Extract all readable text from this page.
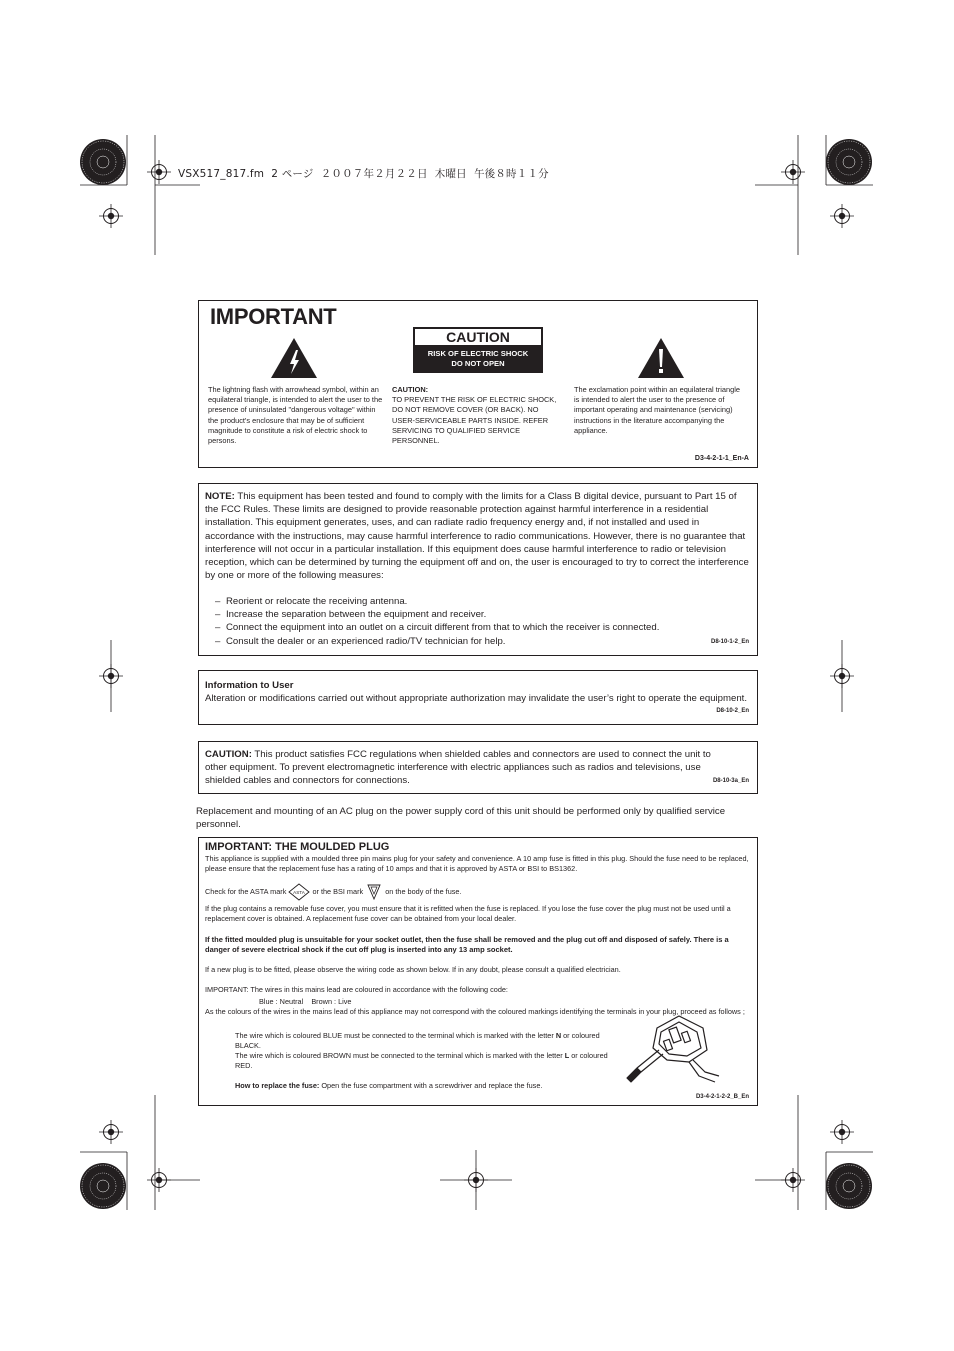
VSX517_817.fm  2 ページ  ２００７年２月２２日  木曜日  午後８時１１分
IMPORTANT
CAUTION
RISK OF ELECTRIC SHOCK
DO NOT OPEN
The lightning flash with arrowhead symbol, within an equilateral triangle, is intended to alert the user to the presence of uninsulated "dangerous voltage" within the product's enclosure that may be of sufficient magnitude to constitute a risk of electric shock to persons.
CAUTION:
TO PREVENT THE RISK OF ELECTRIC SHOCK, DO NOT REMOVE COVER (OR BACK). NO USER-SERVICEABLE PARTS INSIDE. REFER SERVICING TO QUALIFIED SERVICE PERSONNEL.
The exclamation point within an equilateral triangle is intended to alert the user to the presence of important operating and maintenance (servicing) instructions in the literature accompanying the appliance.
D3-4-2-1-1_En-A
NOTE: This equipment has been tested and found to comply with the limits for a Class B digital device, pursuant to Part 15 of the FCC Rules. These limits are designed to provide reasonable protection against harmful interference in a residential installation. This equipment generates, uses, and can radiate radio frequency energy and, if not installed and used in accordance with the instructions, may cause harmful interference to radio communications. However, there is no guarantee that interference will not occur in a particular installation. If this equipment does cause harmful interference to radio or television reception, which can be determined by turning the equipment off and on, the user is encouraged to try to correct the interference by one or more of the following measures:
– Reorient or relocate the receiving antenna.
– Increase the separation between the equipment and receiver.
– Connect the equipment into an outlet on a circuit different from that to which the receiver is connected.
– Consult the dealer or an experienced radio/TV technician for help.	D8-10-1-2_En
Information to User
Alteration or modifications carried out without appropriate authorization may invalidate the user’s right to operate the equipment.
D8-10-2_En
CAUTION: This product satisfies FCC regulations when shielded cables and connectors are used to connect the unit to other equipment. To prevent electromagnetic interference with electric appliances such as radios and televisions, use shielded cables and connectors for connections.	D8-10-3a_En
Replacement and mounting of an AC plug on the power supply cord of this unit should be performed only by qualified service personnel.
IMPORTANT: THE MOULDED PLUG
This appliance is supplied with a moulded three pin mains plug for your safety and convenience. A 10 amp fuse is fitted in this plug. Should the fuse need to be replaced, please ensure that the replacement fuse has a rating of 10 amps and that it is approved by ASTA or BSI to BS1362.
Check for the ASTA mark ASTA or the BSI mark	on the body of the fuse.
If the plug contains a removable fuse cover, you must ensure that it is refitted when the fuse is replaced. If you lose the fuse cover the plug must not be used until a replacement cover is obtained. A replacement fuse cover can be obtained from your local dealer.
If the fitted moulded plug is unsuitable for your socket outlet, then the fuse shall be removed and the plug cut off and disposed of safely. There is a danger of severe electrical shock if the cut off plug is inserted into any 13 amp socket.
If a new plug is to be fitted, please observe the wiring code as shown below. If in any doubt, please consult a qualified electrician.
IMPORTANT: The wires in this mains lead are coloured in accordance with the following code:
Blue : Neutral    Brown : Live
As the colours of the wires in the mains lead of this appliance may not correspond with the coloured markings identifying the terminals in your plug, proceed as follows ;
The wire which is coloured BLUE must be connected to the terminal which is marked with the letter N or coloured BLACK.
The wire which is coloured BROWN must be connected to the terminal which is marked with the letter L or coloured RED.
How to replace the fuse: Open the fuse compartment with a screwdriver and replace the fuse.
D3-4-2-1-2-2_B_En
